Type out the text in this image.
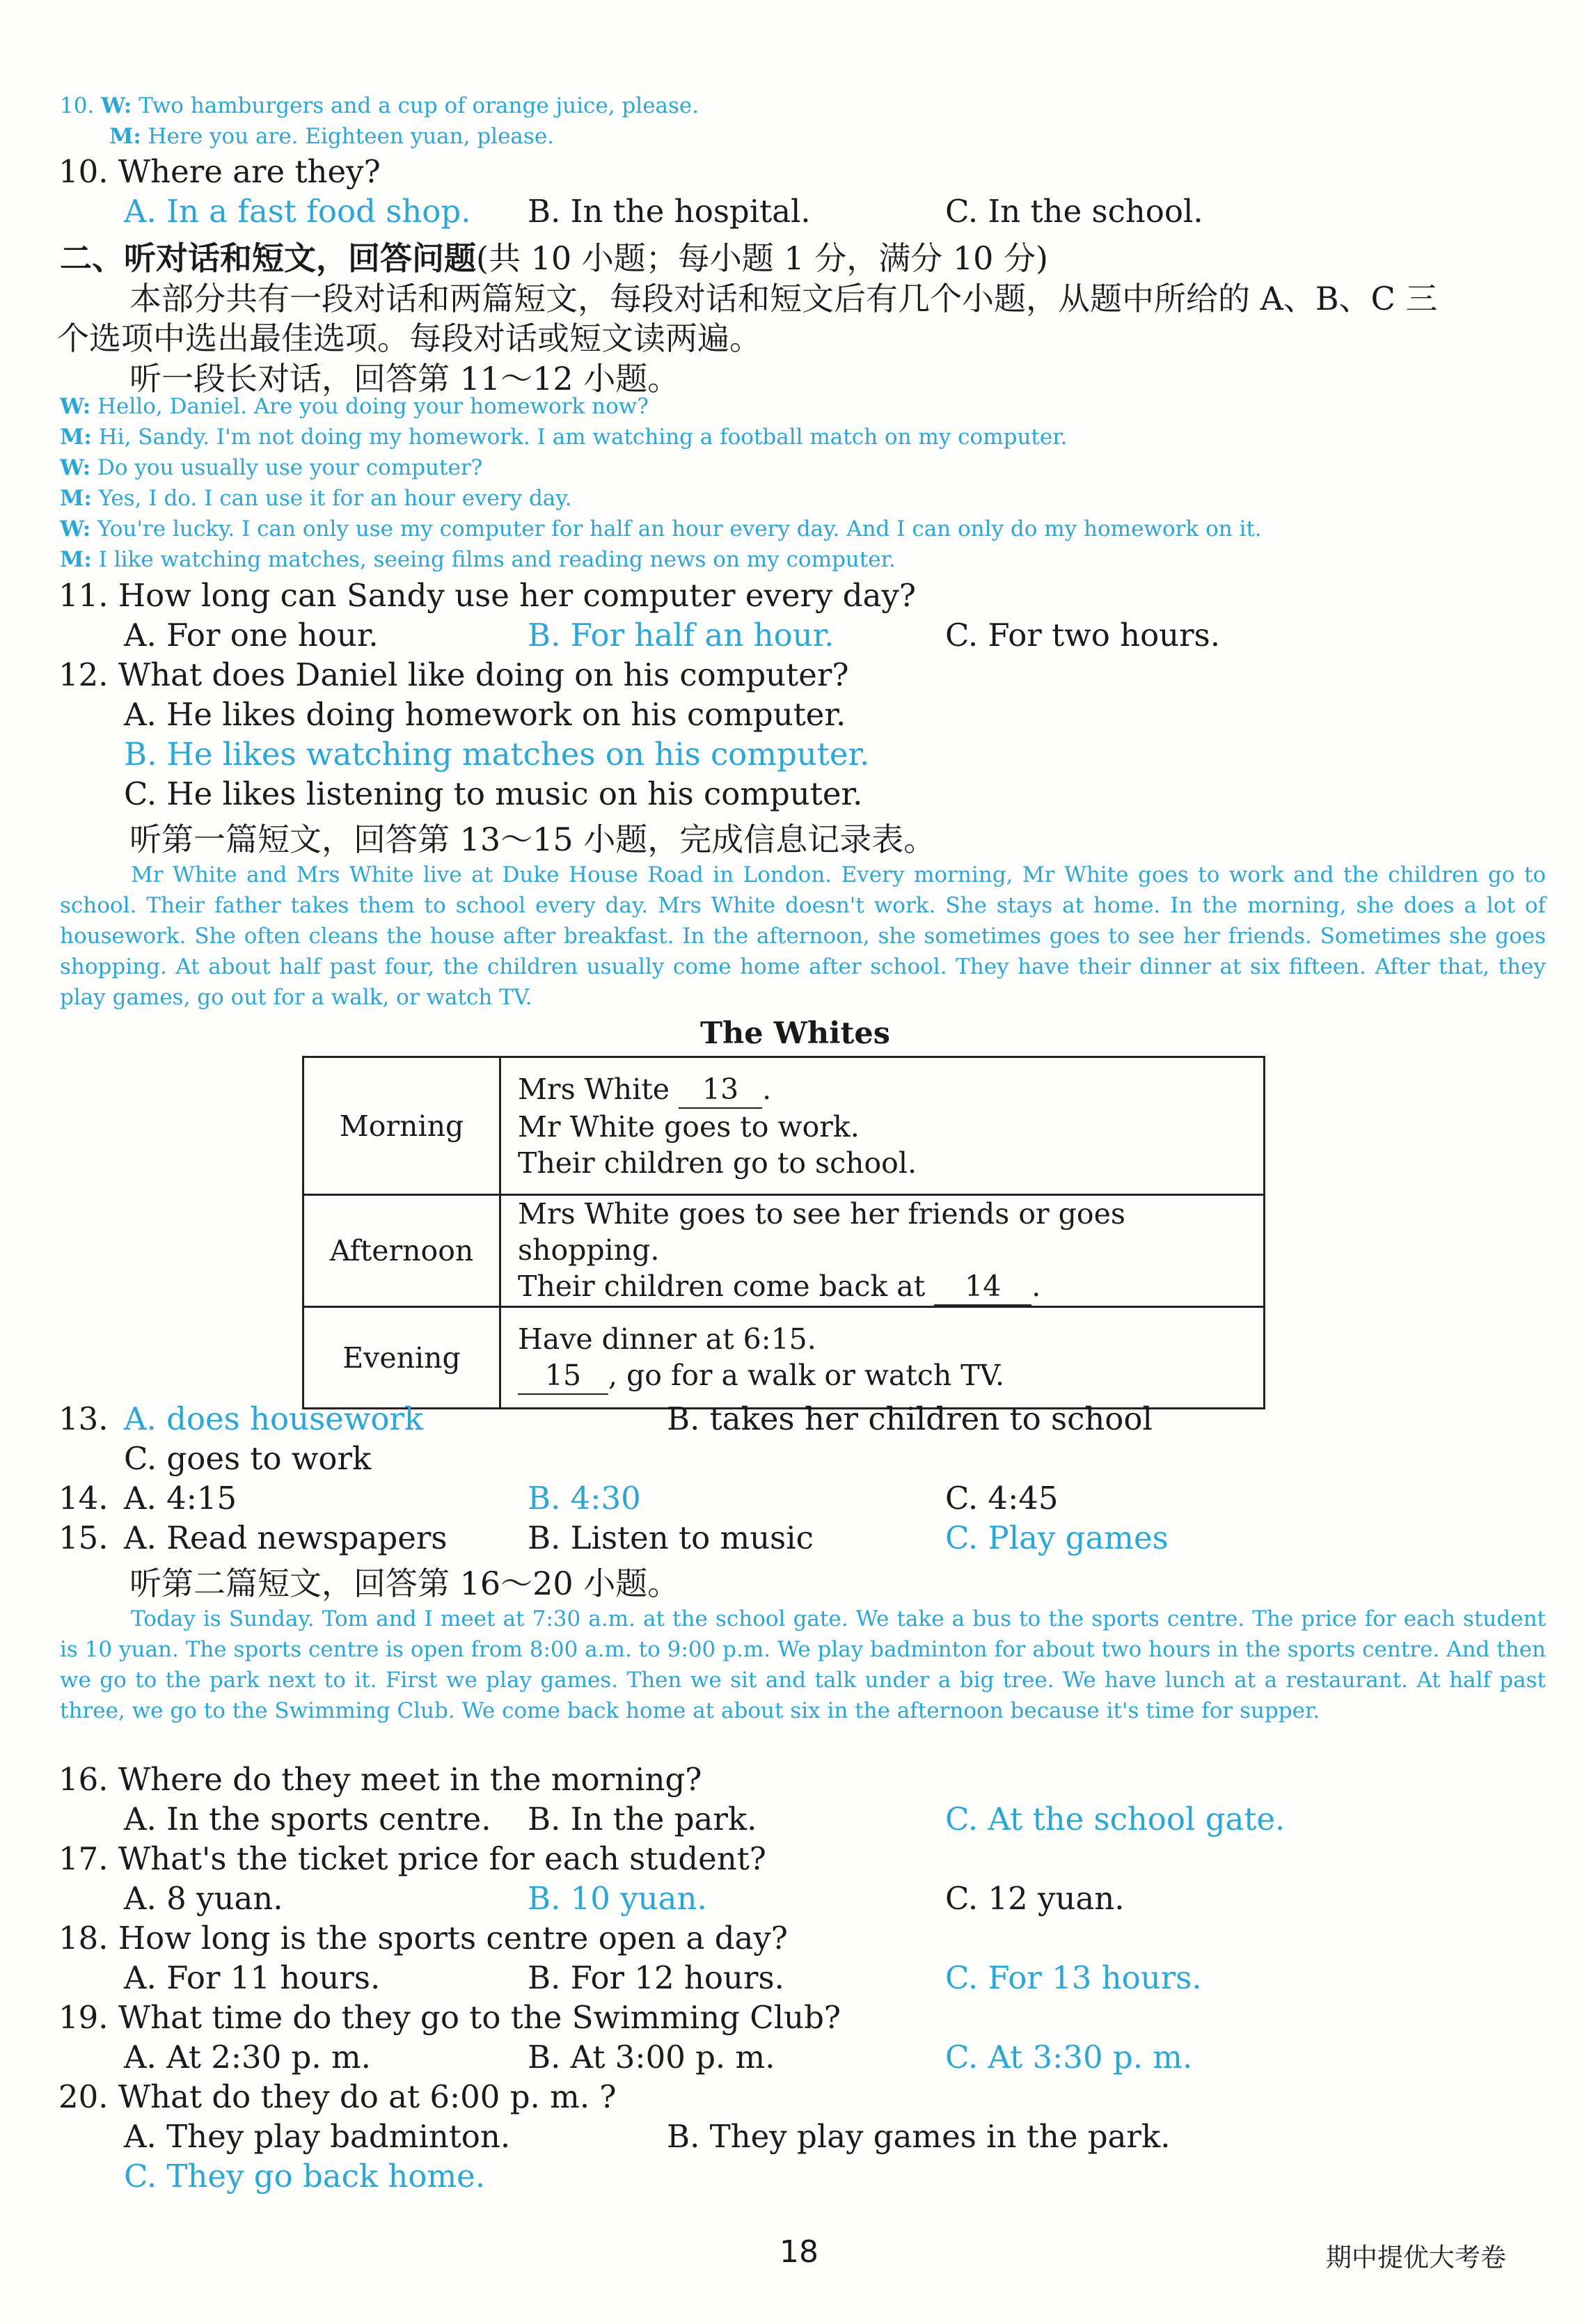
10. W: Two hamburgers and a cup of orange juice, please.
M: Here you are. Eighteen yuan, please.
10. Where are they?
A. In a fast food shop. B. In the hospital.	C. In the school.
二、听对话和短文，回答问题(共 10 小题；每小题 1 分，满分 10 分)
本部分共有一段对话和两篇短文，每段对话和短文后有几个小题，从题中所给的 A、B、C 三
个选项中选出最佳选项。每段对话或短文读两遍。
听一段长对话，回答第 11～12 小题。
W: Hello, Daniel. Are you doing your homework now?
M: Hi, Sandy. I'm not doing my homework. I am watching a football match on my computer.
W: Do you usually use your computer?
M: Yes, I do. I can use it for an hour every day.
W: You're lucky. I can only use my computer for half an hour every day. And I can only do my homework on it.
M: I like watching matches, seeing films and reading news on my computer.
11. How long can Sandy use her computer every day?
A. For one hour.	B. For half an hour.	C. For two hours.
12. What does Daniel like doing on his computer?
A. He likes doing homework on his computer.
B. He likes watching matches on his computer.
C. He likes listening to music on his computer.
听第一篇短文，回答第 13～15 小题，完成信息记录表。
Mr White and Mrs White live at Duke House Road in London. Every morning, Mr White goes to work and the children go to school. Their father takes them to school every day. Mrs White doesn't work. She stays at home. In the morning, she does a lot of housework. She often cleans the house after breakfast. In the afternoon, she sometimes goes to see her friends. Sometimes she goes shopping. At about half past four, the children usually come home after school. They have their dinner at six fifteen. After that, they play games, go out for a walk, or watch TV.
The Whites
Morning	Mrs White 13 .
Mr White goes to work.
Their children go to school.

Afternoon	Mrs White goes to see her friends or goes shopping.
Their children come back at 14 .

Evening	Have dinner at 6:15.
15 , go for a walk or watch TV.
13. A. does housework	B. takes her children to school
C. goes to work
14. A. 4:15	B. 4:30	C. 4:45
15. A. Read newspapers	B. Listen to music	C. Play games
听第二篇短文，回答第 16～20 小题。
Today is Sunday. Tom and I meet at 7:30 a.m. at the school gate. We take a bus to the sports centre. The price for each student is 10 yuan. The sports centre is open from 8:00 a.m. to 9:00 p.m. We play badminton for about two hours in the sports centre. And then we go to the park next to it. First we play games. Then we sit and talk under a big tree. We have lunch at a restaurant. At half past three, we go to the Swimming Club. We come back home at about six in the afternoon because it's time for supper.
16. Where do they meet in the morning?
A. In the sports centre. B. In the park.	C. At the school gate.
17. What's the ticket price for each student?
A. 8 yuan.	B. 10 yuan.	C. 12 yuan.
18. How long is the sports centre open a day?
A. For 11 hours.	B. For 12 hours.	C. For 13 hours.
19. What time do they go to the Swimming Club?
A. At 2:30 p. m.	B. At 3:00 p. m.	C. At 3:30 p. m.
20. What do they do at 6:00 p. m. ?
A. They play badminton.	B. They play games in the park.
C. They go back home.
18	期中提优大考卷
